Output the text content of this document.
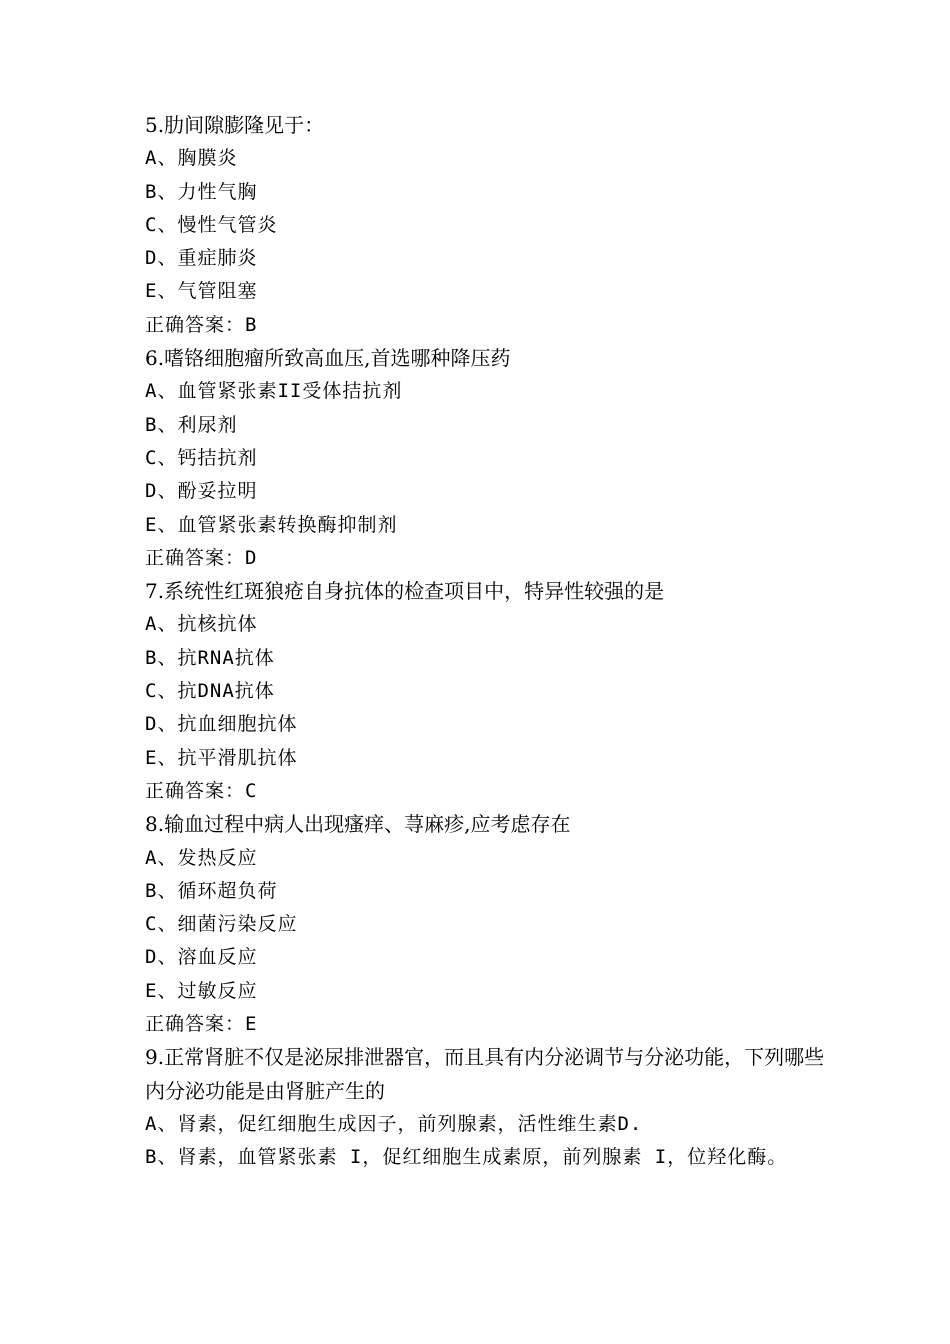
5.肋间隙膨隆见于：
A、胸膜炎
B、力性气胸
C、慢性气管炎
D、重症肺炎
E、气管阻塞
正确答案：B
6.嗜铬细胞瘤所致高血压,首选哪种降压药
A、血管紧张素II受体拮抗剂
B、利尿剂
C、钙拮抗剂
D、酚妥拉明
E、血管紧张素转换酶抑制剂
正确答案：D
7.系统性红斑狼疮自身抗体的检查项目中，特异性较强的是
A、抗核抗体
B、抗RNA抗体
C、抗DNA抗体
D、抗血细胞抗体
E、抗平滑肌抗体
正确答案：C
8.输血过程中病人出现瘙痒、荨麻疹,应考虑存在
A、发热反应
B、循环超负荷
C、细菌污染反应
D、溶血反应
E、过敏反应
正确答案：E
9.正常肾脏不仅是泌尿排泄器官，而且具有内分泌调节与分泌功能，下列哪些内分泌功能是由肾脏产生的
A、肾素，促红细胞生成因子，前列腺素，活性维生素D.
B、肾素，血管紧张素 I，促红细胞生成素原，前列腺素 I，位羟化酶。
